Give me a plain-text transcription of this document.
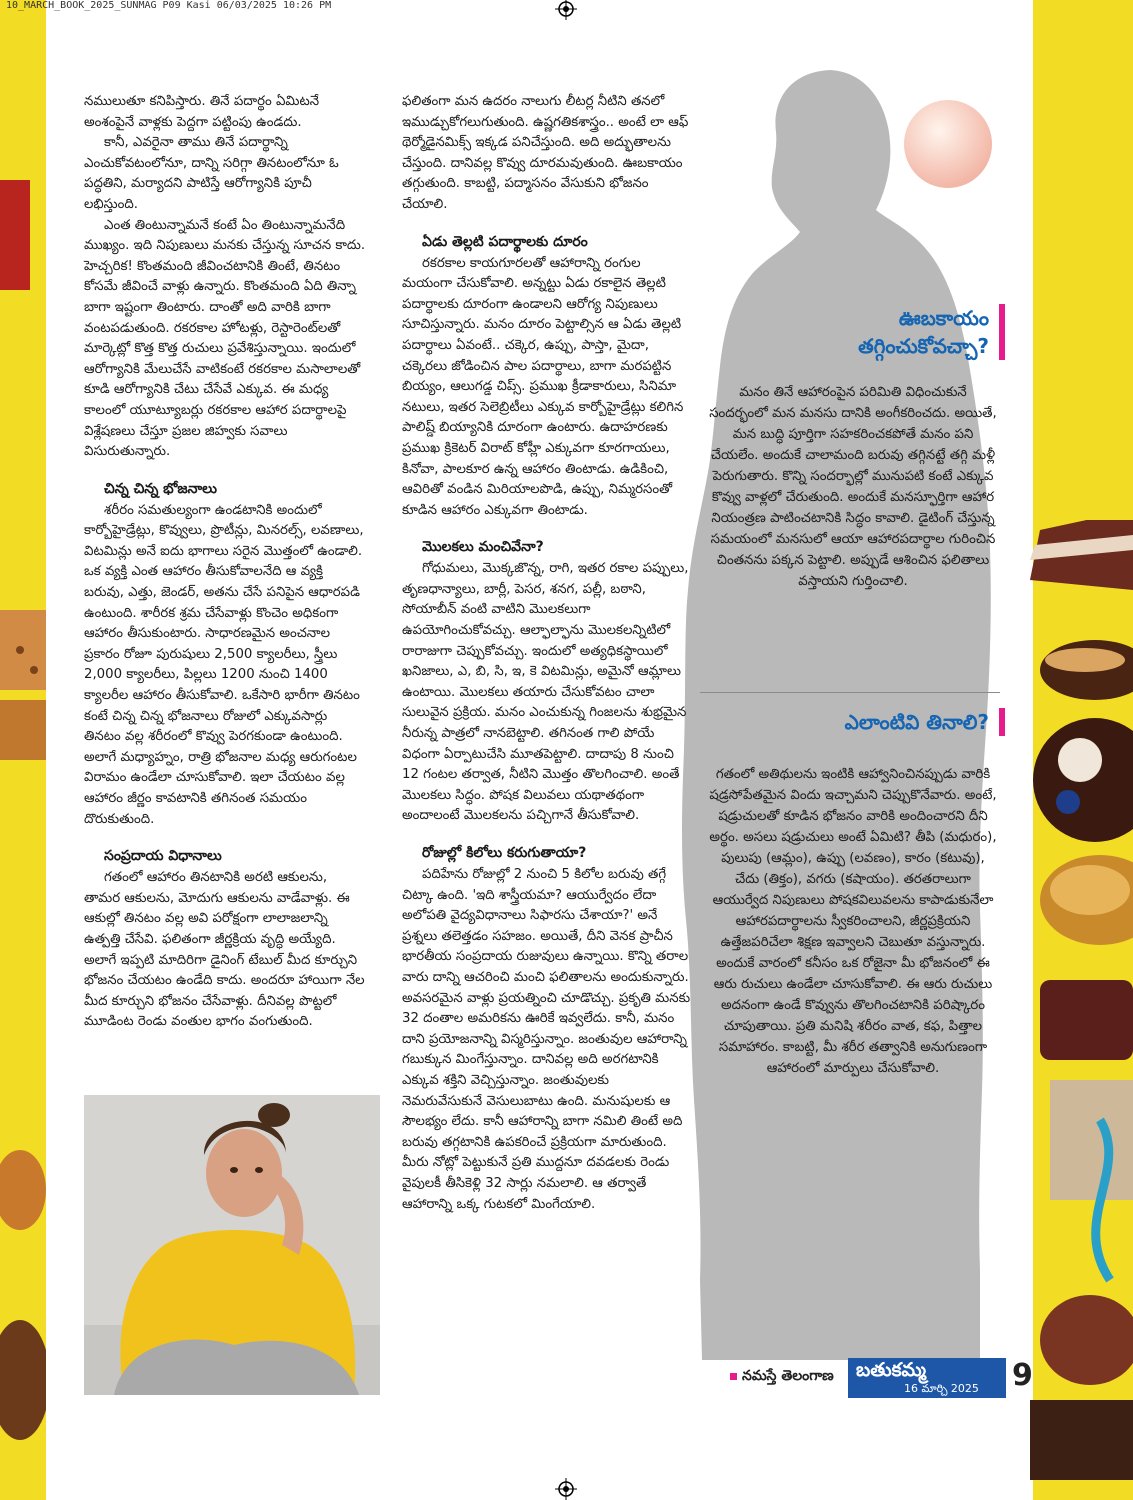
10_MARCH_BOOK_2025_SUNMAG P09 Kasi 06/03/2025 10:26 PM

నములుతూ కనిపిస్తారు. తినే పదార్థం ఏమిటనే అంశంపైనే వాళ్లకు పెద్దగా పట్టింపు ఉండదు.

కానీ, ఎవరైనా తాము తినే పదార్థాన్ని ఎంచుకోవటంలోనూ, దాన్ని సరిగ్గా తినటంలోనూ ఓ పద్ధతిని, మర్యాదని పాటిస్తే ఆరోగ్యానికి పూచీ లభిస్తుంది.

ఎంత తింటున్నామనే కంటే ఏం తింటున్నామనేది ముఖ్యం. ఇది నిపుణులు మనకు చేస్తున్న సూచన కాదు. హెచ్చరిక! కొంతమంది జీవించటానికి తింటే, తినటం కోసమే జీవించే వాళ్లు ఉన్నారు. కొంతమంది ఏది తిన్నా బాగా ఇష్టంగా తింటారు. దాంతో అది వారికి బాగా వంటపడుతుంది. రకరకాల హోటళ్లు, రెస్టారెంట్‌లతో మార్కెట్లో కొత్త కొత్త రుచులు ప్రవేశిస్తున్నాయి. ఇందులో ఆరోగ్యానికి మేలుచేసే వాటికంటే రకరకాల మసాలాలతో కూడి ఆరోగ్యానికి చేటు చేసేవే ఎక్కువ. ఈ మధ్య కాలంలో యూట్యూబర్లు రకరకాల ఆహార పదార్థాలపై విశ్లేషణలు చేస్తూ ప్రజల జిహ్వకు సవాలు విసురుతున్నారు.

చిన్న చిన్న భోజనాలు

శరీరం సమతుల్యంగా ఉండటానికి అందులో కార్బోహైడ్రేట్లు, కొవ్వులు, ప్రొటీన్లు, మినరల్స్‌, లవణాలు, విటమిన్లు అనే ఐదు భాగాలు సరైన మొత్తంలో ఉండాలి. ఒక వ్యక్తి ఎంత ఆహారం తీసుకోవాలనేది ఆ వ్యక్తి బరువు, ఎత్తు, జెండర్‌, అతను చేసే పనిపైన ఆధారపడి ఉంటుంది. శారీరక శ్రమ చేసేవాళ్లు కొంచెం అధికంగా ఆహారం తీసుకుంటారు. సాధారణమైన అంచనాల ప్రకారం రోజూ పురుషులు 2,500 క్యాలరీలు, స్త్రీలు 2,000 క్యాలరీలు, పిల్లలు 1200 నుంచి 1400 క్యాలరీల ఆహారం తీసుకోవాలి. ఒకేసారి భారీగా తినటం కంటే చిన్న చిన్న భోజనాలు రోజులో ఎక్కువసార్లు తినటం వల్ల శరీరంలో కొవ్వు పెరగకుండా ఉంటుంది. అలాగే మధ్యాహ్నం, రాత్రి భోజనాల మధ్య ఆరుగంటల విరామం ఉండేలా చూసుకోవాలి. ఇలా చేయటం వల్ల ఆహారం జీర్ణం కావటానికి తగినంత సమయం దొరుకుతుంది.

సంప్రదాయ విధానాలు

గతంలో ఆహారం తినటానికి అరటి ఆకులను, తామర ఆకులను, మోదుగు ఆకులను వాడేవాళ్లు. ఈ ఆకుల్లో తినటం వల్ల అవి పరోక్షంగా లాలాజలాన్ని ఉత్పత్తి చేసేవి. ఫలితంగా జీర్ణక్రియ వృద్ధి అయ్యేది. అలాగే ఇప్పటి మాదిరిగా డైనింగ్‌ టేబుల్‌ మీద కూర్చుని భోజనం చేయటం ఉండేది కాదు. అందరూ హాయిగా నేల మీద కూర్చుని భోజనం చేసేవాళ్లు. దీనివల్ల పొట్టలో మూడింట రెండు వంతుల భాగం వంగుతుంది.

ఫలితంగా మన ఉదరం నాలుగు లీటర్ల నీటిని తనలో ఇముడ్చుకోగలుగుతుంది. ఉష్ణగతికశాస్త్రం.. అంటే లా ఆఫ్‌ థెర్మోడైనమిక్స్‌ ఇక్కడ పనిచేస్తుంది. అది అద్భుతాలను చేస్తుంది. దానివల్ల కొవ్వు దూరమవుతుంది. ఊబకాయం తగ్గుతుంది. కాబట్టి, పద్మాసనం వేసుకుని భోజనం చేయాలి.

ఏడు తెల్లటి పదార్థాలకు దూరం

రకరకాల కాయగూరలతో ఆహారాన్ని రంగుల మయంగా చేసుకోవాలి. అన్నట్టు ఏడు రకాలైన తెల్లటి పదార్థాలకు దూరంగా ఉండాలని ఆరోగ్య నిపుణులు సూచిస్తున్నారు. మనం దూరం పెట్టాల్సిన ఆ ఏడు తెల్లటి పదార్థాలు ఏవంటే.. చక్కెర, ఉప్పు, పాస్తా, మైదా, చక్కెరలు జోడించిన పాల పదార్థాలు, బాగా మరపట్టిన బియ్యం, ఆలుగడ్డ చిప్స్‌. ప్రముఖ క్రీడాకారులు, సినిమా నటులు, ఇతర సెలెబ్రిటీలు ఎక్కువ కార్బోహైడ్రేట్లు కలిగిన పాలిష్డ్‌ బియ్యానికి దూరంగా ఉంటారు. ఉదాహరణకు ప్రముఖ క్రికెటర్‌ విరాట్‌ కోహ్లీ ఎక్కువగా కూరగాయలు, కినోవా, పాలకూర ఉన్న ఆహారం తింటాడు. ఉడికించి, ఆవిరితో వండిన మిరియాలపొడి, ఉప్పు, నిమ్మరసంతో కూడిన ఆహారం ఎక్కువగా తింటాడు.

మొలకలు మంచివేనా?

గోధుమలు, మొక్కజొన్న, రాగి, ఇతర రకాల పప్పులు, తృణధాన్యాలు, బార్లీ, పెసర, శనగ, పల్లీ, బఠాని, సోయాబీన్‌ వంటి వాటిని మొలకలుగా ఉపయోగించుకోవచ్చు. ఆల్ఫాల్ఫాను మొలకలన్నిటిలో రారాజుగా చెప్పుకోవచ్చు. ఇందులో అత్యధికస్థాయిలో ఖనిజాలు, ఎ, బి, సి, ఇ, కె విటమిన్లు, అమైనో ఆమ్లాలు ఉంటాయి. మొలకలు తయారు చేసుకోవటం చాలా సులువైన ప్రక్రియ. మనం ఎంచుకున్న గింజలను శుభ్రమైన నీరున్న పాత్రలో నానబెట్టాలి. తగినంత గాలి పోయే విధంగా ఏర్పాటుచేసి మూతపెట్టాలి. దాదాపు 8 నుంచి 12 గంటల తర్వాత, నీటిని మొత్తం తొలగించాలి. అంతే మొలకలు సిద్ధం. పోషక విలువలు యథాతథంగా అందాలంటే మొలకలను పచ్చిగానే తీసుకోవాలి.

రోజుల్లో కిలోలు కరుగుతాయా?

పదిహేను రోజుల్లో 2 నుంచి 5 కిలోల బరువు తగ్గే చిట్కా ఉంది. 'ఇది శాస్త్రీయమా? ఆయుర్వేదం లేదా అలోపతి వైద్యవిధానాలు సిఫారసు చేశాయా?' అనే ప్రశ్నలు తలెత్తడం సహజం. అయితే, దీని వెనక ప్రాచీన భారతీయ సంప్రదాయ రుజువులు ఉన్నాయి. కొన్ని తరాల వారు దాన్ని ఆచరించి మంచి ఫలితాలను అందుకున్నారు. అవసరమైన వాళ్లు ప్రయత్నించి చూడొచ్చు. ప్రకృతి మనకు 32 దంతాల అమరికను ఊరికే ఇవ్వలేదు. కానీ, మనం దాని ప్రయోజనాన్ని విస్మరిస్తున్నాం. జంతువుల ఆహారాన్ని గబుక్కున మింగేస్తున్నాం. దానివల్ల అది అరగటానికి ఎక్కువ శక్తిని వెచ్చిస్తున్నాం. జంతువులకు నెమరువేసుకునే వెసులుబాటు ఉంది. మనుషులకు ఆ సౌలభ్యం లేదు. కానీ ఆహారాన్ని బాగా నమిలి తింటే అది బరువు తగ్గటానికి ఉపకరించే ప్రక్రియగా మారుతుంది. మీరు నోట్లో పెట్టుకునే ప్రతి ముద్దనూ దవడలకు రెండు వైపులకీ తీసికెళ్లి 32 సార్లు నమలాలి. ఆ తర్వాతే ఆహారాన్ని ఒక్క గుటకలో మింగేయాలి.

ఊబకాయం
తగ్గించుకోవచ్చా?

మనం తినే ఆహారంపైన పరిమితి విధించుకునే సందర్భంలో మన మనసు దానికి అంగీకరించదు. అయితే, మన బుద్ధి పూర్తిగా సహకరించకపోతే మనం పని చేయలేం. అందుకే చాలామంది బరువు తగ్గినట్టే తగ్గి మళ్లీ పెరుగుతారు. కొన్ని సందర్భాల్లో మునుపటి కంటే ఎక్కువ కొవ్వు వాళ్లలో చేరుతుంది. అందుకే మనస్ఫూర్తిగా ఆహార నియంత్రణ పాటించటానికి సిద్ధం కావాలి. డైటింగ్‌ చేస్తున్న సమయంలో మనసులో ఆయా ఆహారపదార్థాల గురించిన చింతనను పక్కన పెట్టాలి. అప్పుడే ఆశించిన ఫలితాలు వస్తాయని గుర్తించాలి.

ఎలాంటివి తినాలి?

గతంలో అతిథులను ఇంటికి ఆహ్వానించినప్పుడు వారికి షడ్రసోపేతమైన విందు ఇచ్చామని చెప్పుకొనేవారు. అంటే, షడ్రుచులతో కూడిన భోజనం వారికి అందించారని దీని అర్థం. అసలు షడ్రుచులు అంటే ఏమిటి? తీపి (మధురం), పులుపు (ఆమ్లం), ఉప్పు (లవణం), కారం (కటువు), చేదు (తిక్తం), వగరు (కషాయం). తరతరాలుగా ఆయుర్వేద నిపుణులు పోషకవిలువలను కాపాడుకునేలా ఆహారపదార్థాలను స్వీకరించాలని, జీర్ణప్రక్రియని ఉత్తేజపరిచేలా శిక్షణ ఇవ్వాలని చెబుతూ వస్తున్నారు. అందుకే వారంలో కనీసం ఒక రోజైనా మీ భోజనంలో ఈ ఆరు రుచులు ఉండేలా చూసుకోవాలి. ఈ ఆరు రుచులు అదనంగా ఉండే కొవ్వును తొలగించటానికి పరిష్కారం చూపుతాయి. ప్రతి మనిషి శరీరం వాత, కఫ, పిత్తాల సమాహారం. కాబట్టి, మీ శరీర తత్వానికి అనుగుణంగా ఆహారంలో మార్పులు చేసుకోవాలి.

నమస్తే తెలంగాణ బతుకమ్మ
16 మార్చి 2025 9
